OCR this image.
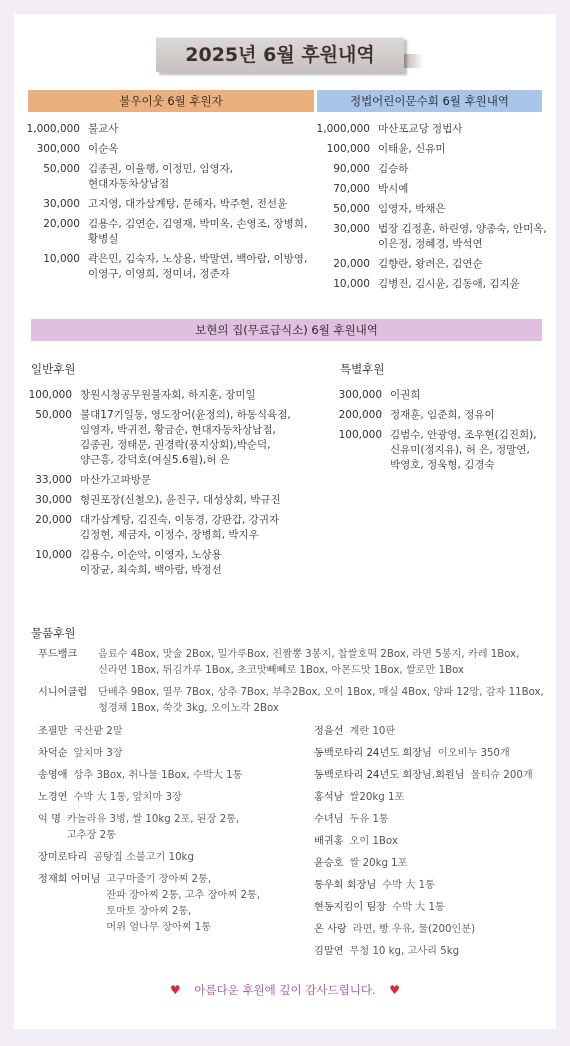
2025년 6월 후원내역
불우이웃 6월 후원자	정법어린이문수회 6월 후원내역
1,000,000 불교사
300,000 이순옥
50,000 김종권, 이율행, 이정민, 임영자,
현대자동차상남점
30,000 고지영, 대가삼계탕, 문해자, 박주현, 전선윤
20,000 김용수, 김연순, 김영재, 박미옥, 손영조, 장병희,
황병실
10,000 곽은민, 김숙자, 노상용, 박말연, 백아람, 이방영,
이영구, 이영희, 정미녀, 정준자
1,000,000 마산포교당 정법사
100,000 이태윤, 신유미
90,000 김승하
70,000 박시예
50,000 임영자, 박채은
30,000 법장 김정훈, 하린영, 양종숙, 안미옥,
이은정, 정혜경, 박석연
20,000 김향란, 왕려은, 김연순
10,000 김병진, 김시윤, 김동애, 김지윤
보현의 집(무료급식소) 6월 후원내역
일반후원	특별후원
100,000 창원시청공무원불자회, 하지훈, 장미일
50,000 불대17기일동, 영도장어(윤정의), 하동식육점,
임영자, 박귀전, 황금순, 현대자동차상남점,
김종권, 정태문, 권경락(풍지상회),박순덕,
양근흥, 강덕호(여실5.6월),허 은
33,000 마산가고파방문
30,000 형권포장(신철오), 윤진구, 대성상회, 박규진
20,000 대가삼계탕, 김진숙, 이동경, 강판갑, 강귀자
김정현, 제금자, 이정수, 장병희, 박지우
10,000 김용수, 이순악, 이영자, 노상용
이장균, 최숙희, 백아람, 박정선
300,000 이권희
200,000 정재훈, 임준희, 정유이
100,000 김범수, 안광영, 조우현(김진희),
신유미(정지유), 허 은, 정말연,
박영호, 정욱형, 김경숙
물품후원
푸드뱅크	음료수 4Box, 맛술 2Box, 밀가루Box, 진짬뽕 3봉지, 찹쌀호떡 2Box, 라면 5봉지, 카레 1Box,
신라면 1Box, 튀김가루 1Box, 초코맛빼빼로 1Box, 아몬드맛 1Box, 쌀로만 1Box
시니어클럽	단배추 9Box, 열무 7Box, 상추 7Box, 부추2Box, 오이 1Box, 매실 4Box, 양파 12망, 감자 11Box,
청경채 1Box, 쑥갓 3kg, 오이노각 2Box
조필만 국산팥 2말
차덕순 앞치마 3장
송영애 상추 3Box, 취나물 1Box, 수박大 1통
노경연 수박 大 1통, 앞치마 3장
익 명 카놀라유 3병, 쌀 10kg 2포, 된장 2통,
고추장 2통
장미로타리 곰탕집 소불고기 10kg
정재희 어머님 고구마줄기 장아찌 2통,
잔파 장아찌 2통, 고추 장아찌 2통,
토마토 장아찌 2통,
머위 엄나무 장아찌 1통
정을선 계란 10판
동백로타리 24년도 회장님 이오비누 350개
동백로타리 24년도 회장님.회원님 물티슈 200개
홍석남 쌀20kg 1포
수녀님 두유 1통
배귀홍 오이 1Box
윤승호 쌀 20kg 1포
통우회 회장님 수박 大 1통
현동지킴이 팀장 수박 大 1통
온 사랑 라면, 빵 우유, 물(200인분)
김말연 무청 10 kg, 고사리 5kg
♥ 아름다운 후원에 깊이 감사드립니다. ♥
